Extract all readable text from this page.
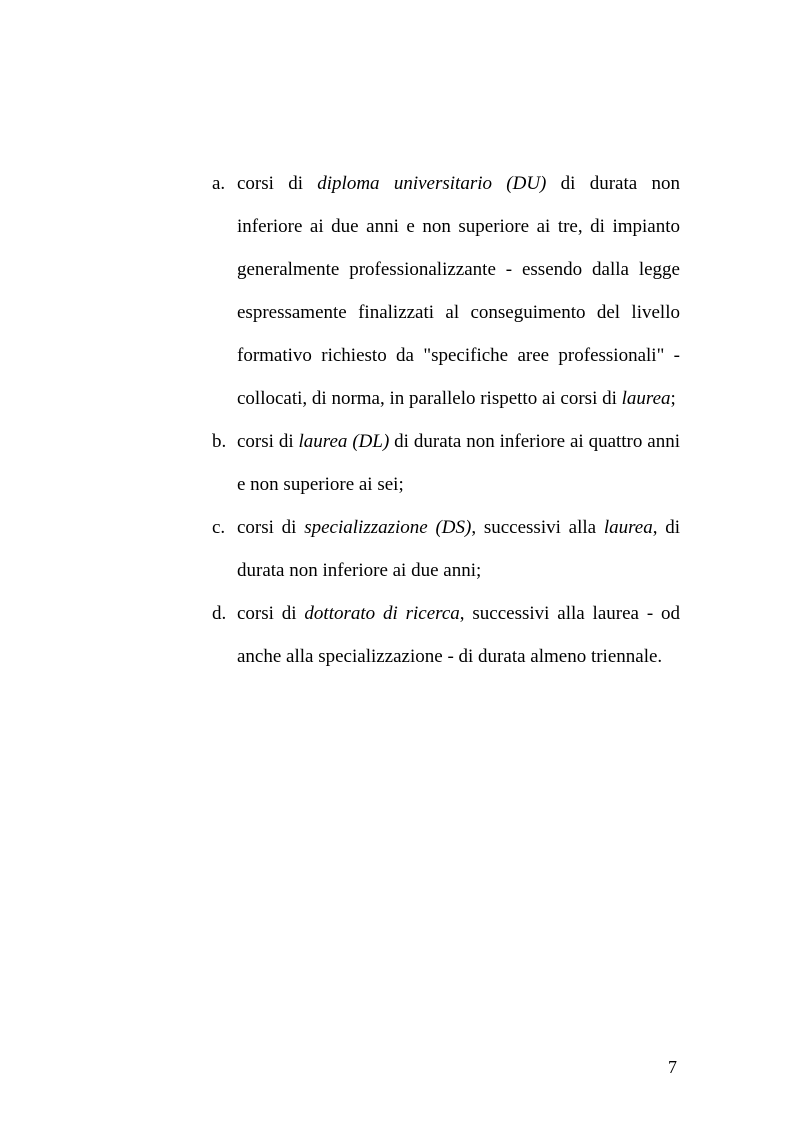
a. corsi di diploma universitario (DU) di durata non inferiore ai due anni e non superiore ai tre, di impianto generalmente professionalizzante - essendo dalla legge espressamente finalizzati al conseguimento del livello formativo richiesto da "specifiche aree professionali" - collocati, di norma, in parallelo rispetto ai corsi di laurea;
b. corsi di laurea (DL) di durata non inferiore ai quattro anni e non superiore ai sei;
c. corsi di specializzazione (DS), successivi alla laurea, di durata non inferiore ai due anni;
d. corsi di dottorato di ricerca, successivi alla laurea - od anche alla specializzazione - di durata almeno triennale.
7
